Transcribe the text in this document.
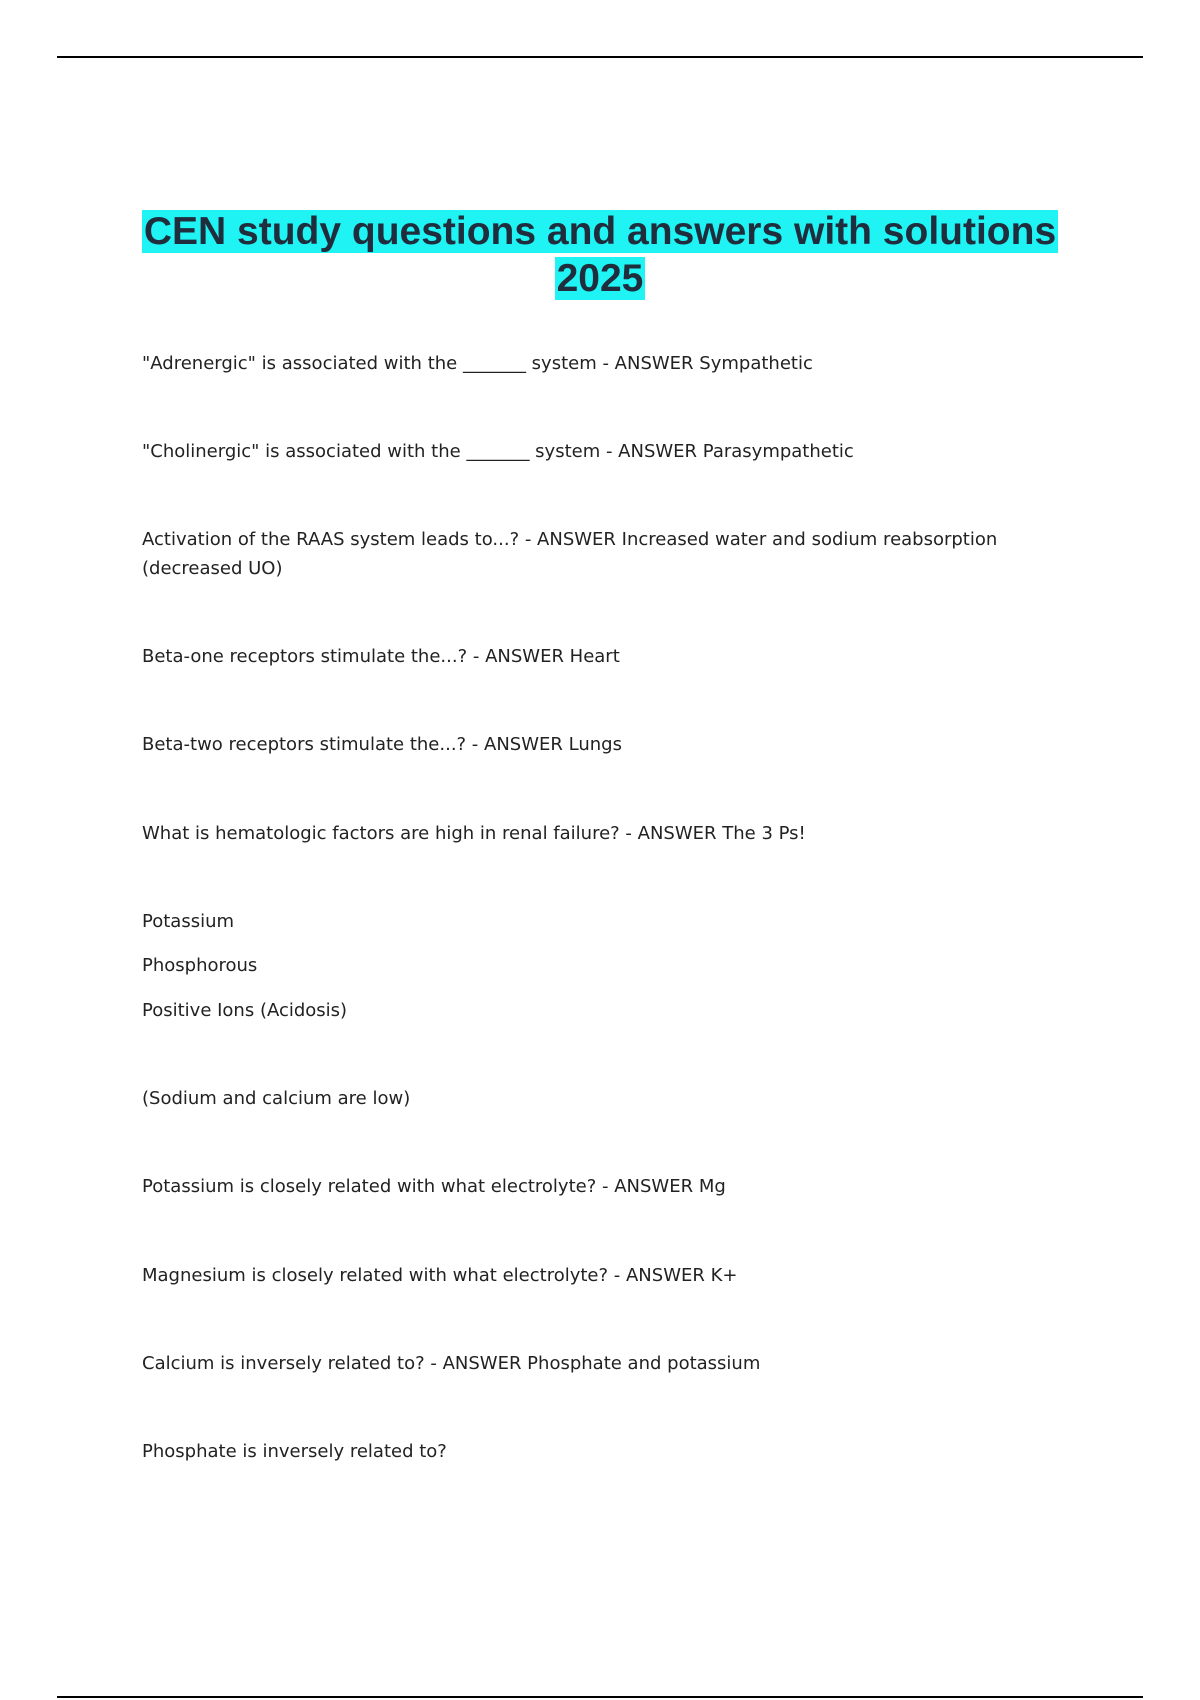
CEN study questions and answers with solutions
2025
"Adrenergic" is associated with the _______ system - ANSWER Sympathetic
"Cholinergic" is associated with the _______ system - ANSWER Parasympathetic
Activation of the RAAS system leads to...? - ANSWER Increased water and sodium reabsorption
(decreased UO)
Beta-one receptors stimulate the...? - ANSWER Heart
Beta-two receptors stimulate the...? - ANSWER Lungs
What is hematologic factors are high in renal failure? - ANSWER The 3 Ps!
Potassium
Phosphorous
Positive Ions (Acidosis)
(Sodium and calcium are low)
Potassium is closely related with what electrolyte? - ANSWER Mg
Magnesium is closely related with what electrolyte? - ANSWER K+
Calcium is inversely related to? - ANSWER Phosphate and potassium
Phosphate is inversely related to?
